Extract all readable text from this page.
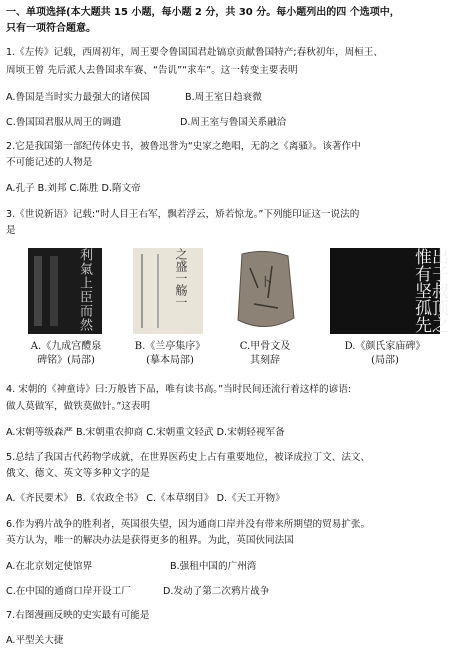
一、单项选择(本大题共 15 小题，每小题 2 分，共 30 分。每小题列出的四 个选项中，
只有一项符合题意。
1.《左传》记载，西周初年，周王要令鲁国国君赴镐京贡献鲁国特产;春秋初年，周桓王、
周顷王曾 先后派人去鲁国求车赛、“告讥”“求车”。这一转变主要表明
A.鲁国是当时实力最强大的诸侯国	B.周王室日趋衰微
C.鲁国国君服从周王的调遣	D.周王室与鲁国关系融洽
2.它是我国第一部纪传体史书，被鲁迅誉为“史家之绝唱，无韵之《离骚》。该著作中
不可能记述的人物是
A.孔子 B.刘邦 C.陈胜 D.隋文帝
3.《世说新语》记载:“时人目王右军，飘若浮云，矫若惊龙。”下列能印证这一说法的
是
利氣上臣而然	之盛一觞一	卜	出子叔顶之惟有坚孤先
A.《九成宫醴泉
碑铭》(局部)
B.《兰亭集序》
(摹本局部)
C.甲骨文及
其刻辞
D.《颜氏家庙碑》
(局部)
4. 宋朝的《神童诗》曰:万般皆下品，唯有读书高。”当时民间还流行着这样的谚语:
做人莫做军，做铁莫做针。”这表明
A.宋朝等级森严 B.宋朝重农抑商 C.宋朝重文轻武 D.宋朝轻视军备
5.总结了我国古代药物学成就，在世界医药史上占有重要地位，被译成拉丁文、法文、
俄文、德文、英文等多种文字的是
A.《齐民要术》 B.《农政全书》 C.《本草纲目》 D.《天工开物》
6.作为鸦片战争的胜利者，英国很失望，因为通商口岸并没有带来所期望的贸易扩张。
英方认为，唯一的解决办法是获得更多的租界。为此，英国伙同法国
A.在北京划定使馆界	B.强租中国的广州湾
C.在中国的通商口岸开设工厂	D.发动了第二次鸦片战争
7.右图漫画反映的史实最有可能是
A.平型关大捷
